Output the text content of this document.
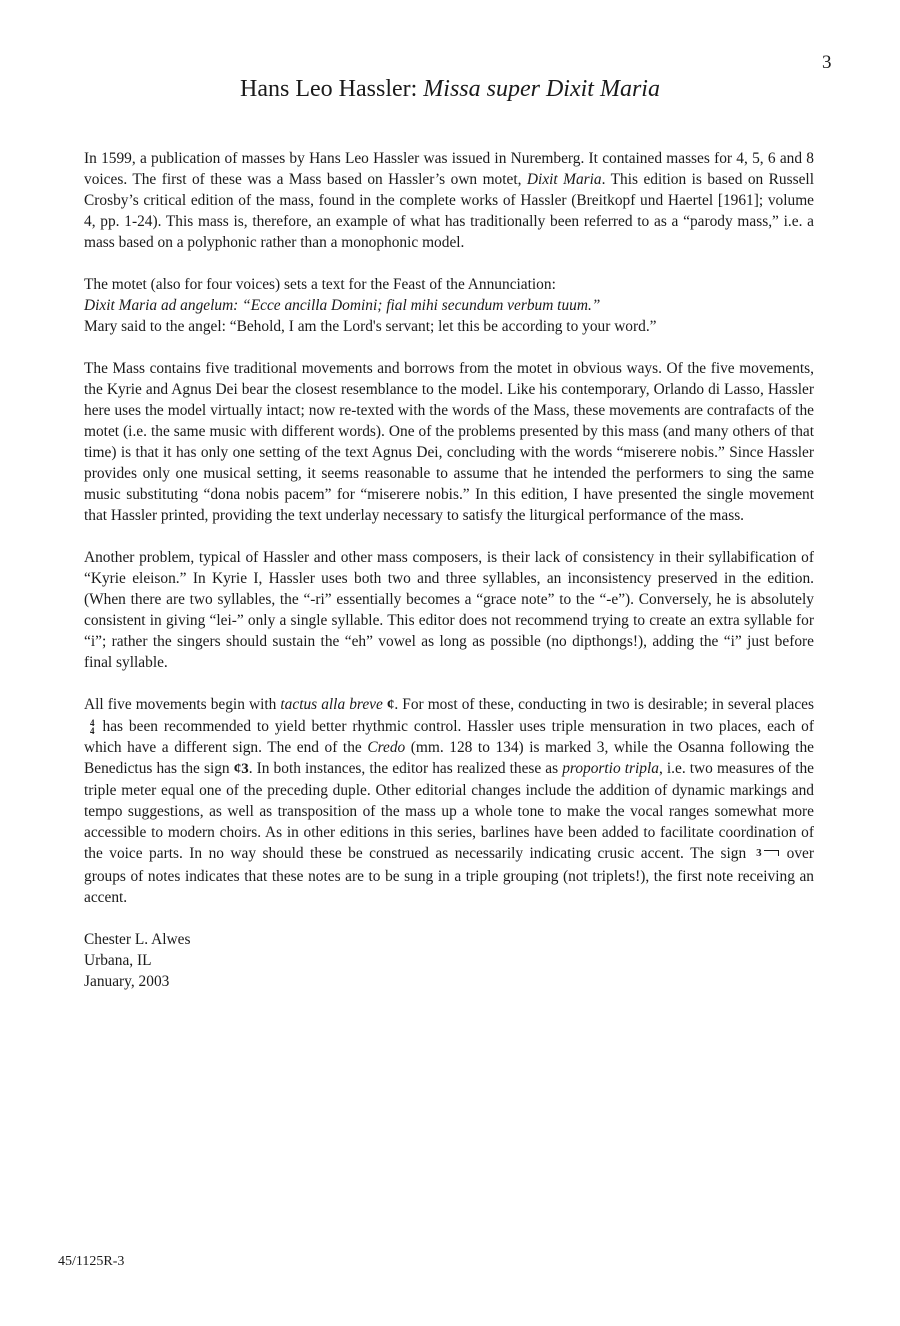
3
Hans Leo Hassler: Missa super Dixit Maria

In 1599, a publication of masses by Hans Leo Hassler was issued in Nuremberg. It contained masses for 4, 5, 6 and 8 voices. The first of these was a Mass based on Hassler’s own motet, Dixit Maria. This edition is based on Russell Crosby’s critical edition of the mass, found in the complete works of Hassler (Breitkopf und Haertel [1961]; volume 4, pp. 1-24). This mass is, therefore, an example of what has traditionally been referred to as a “parody mass,” i.e. a mass based on a polyphonic rather than a monophonic model.

The motet (also for four voices) sets a text for the Feast of the Annunciation:
Dixit Maria ad angelum: “Ecce ancilla Domini; fial mihi secundum verbum tuum.”
Mary said to the angel: “Behold, I am the Lord's servant; let this be according to your word.”

The Mass contains five traditional movements and borrows from the motet in obvious ways. Of the five movements, the Kyrie and Agnus Dei bear the closest resemblance to the model. Like his contemporary, Orlando di Lasso, Hassler here uses the model virtually intact; now re-texted with the words of the Mass, these movements are contrafacts of the motet (i.e. the same music with different words). One of the problems presented by this mass (and many others of that time) is that it has only one setting of the text Agnus Dei, concluding with the words “miserere nobis.” Since Hassler provides only one musical setting, it seems reasonable to assume that he intended the performers to sing the same music substituting “dona nobis pacem” for “miserere nobis.” In this edition, I have presented the single movement that Hassler printed, providing the text underlay necessary to satisfy the liturgical performance of the mass.

Another problem, typical of Hassler and other mass composers, is their lack of consistency in their syllabification of “Kyrie eleison.” In Kyrie I, Hassler uses both two and three syllables, an inconsistency preserved in the edition. (When there are two syllables, the “-ri” essentially becomes a “grace note” to the “-e”). Conversely, he is absolutely consistent in giving “lei-” only a single syllable. This editor does not recommend trying to create an extra syllable for “i”; rather the singers should sustain the “eh” vowel as long as possible (no dipthongs!), adding the “i” just before final syllable.

All five movements begin with tactus alla breve ¢. For most of these, conducting in two is desirable; in several places
4
4 has been recommended to yield better rhythmic control. Hassler uses triple mensuration in two places, each of which have a different sign. The end of the Credo (mm. 128 to 134) is marked 3, while the Osanna following the Benedictus has the sign ¢3. In both instances, the editor has realized these as proportio tripla, i.e. two measures of the triple meter equal one of the preceding duple. Other editorial changes include the addition of dynamic markings and tempo suggestions, as well as transposition of the mass up a whole tone to make the vocal ranges somewhat more accessible to modern choirs. As in other editions in this series, barlines have been added to facilitate coordination of the voice parts. In no way should these be construed as necessarily indicating crusic accent. The sign 3 over groups of notes indicates that these notes are to be sung in a triple grouping (not triplets!), the first note receiving an accent.

Chester L. Alwes
Urbana, IL
January, 2003

45/1125R-3
